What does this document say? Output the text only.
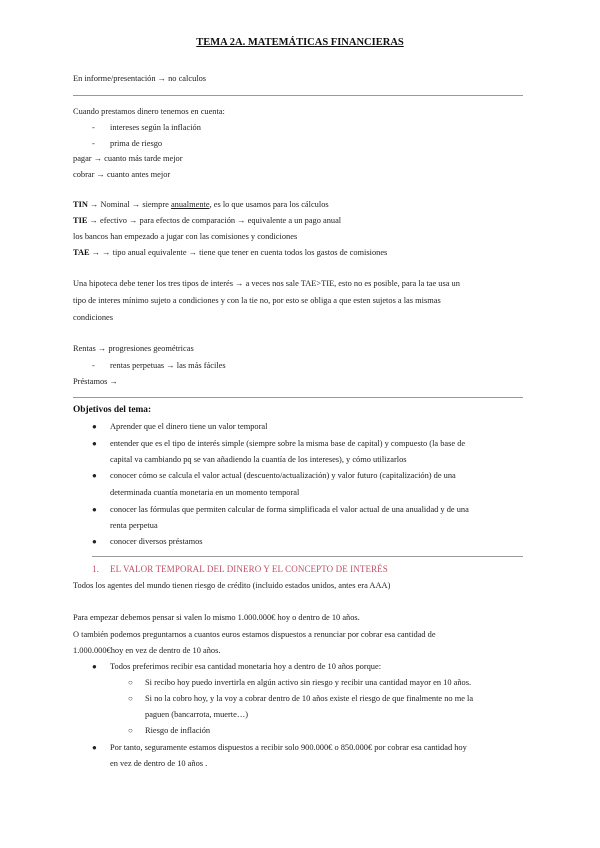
TEMA 2A. MATEMÁTICAS FINANCIERAS
En informe/presentación → no calculos
Cuando prestamos dinero tenemos en cuenta:
- intereses según la inflación
- prima de riesgo
pagar → cuanto más tarde mejor
cobrar → cuanto antes mejor
TIN → Nominal → siempre anualmente, es lo que usamos para los cálculos
TIE → efectivo → para efectos de comparación → equivalente a un pago anual
los bancos han empezado a jugar con las comisiones y condiciones
TAE → → tipo anual equivalente → tiene que tener en cuenta todos los gastos de comisiones
Una hipoteca debe tener los tres tipos de interés → a veces nos sale TAE>TIE, esto no es posible, para la tae usa un
tipo de interes mínimo sujeto a condiciones y con la tie no, por esto se obliga a que esten sujetos a las mismas
condiciones
Rentas → progresiones geométricas
- rentas perpetuas → las más fáciles
Préstamos →
Objetivos del tema:
● Aprender que el dinero tiene un valor temporal
● entender que es el tipo de interés simple (siempre sobre la misma base de capital) y compuesto (la base de
capital va cambiando pq se van añadiendo la cuantía de los intereses), y cómo utilizarlos
● conocer cómo se calcula el valor actual (descuento/actualización) y valor futuro (capitalización) de una
determinada cuantía monetaria en un momento temporal
● conocer las fórmulas que permiten calcular de forma simplificada el valor actual de una anualidad y de una
renta perpetua
● conocer diversos préstamos
1. EL VALOR TEMPORAL DEL DINERO Y EL CONCEPTO DE INTERÉS
Todos los agentes del mundo tienen riesgo de crédito (incluido estados unidos, antes era AAA)
Para empezar debemos pensar si valen lo mismo 1.000.000€ hoy o dentro de 10 años.
O también podemos preguntarnos a cuantos euros estamos dispuestos a renunciar por cobrar esa cantidad de
1.000.000€hoy en vez de dentro de 10 años.
● Todos preferimos recibir esa cantidad monetaria hoy a dentro de 10 años porque:
○ Si recibo hoy puedo invertirla en algún activo sin riesgo y recibir una cantidad mayor en 10 años.
○ Si no la cobro hoy, y la voy a cobrar dentro de 10 años existe el riesgo de que finalmente no me la
paguen (bancarrota, muerte…)
○ Riesgo de inflación
● Por tanto, seguramente estamos dispuestos a recibir solo 900.000€ o 850.000€ por cobrar esa cantidad hoy
en vez de dentro de 10 años .
